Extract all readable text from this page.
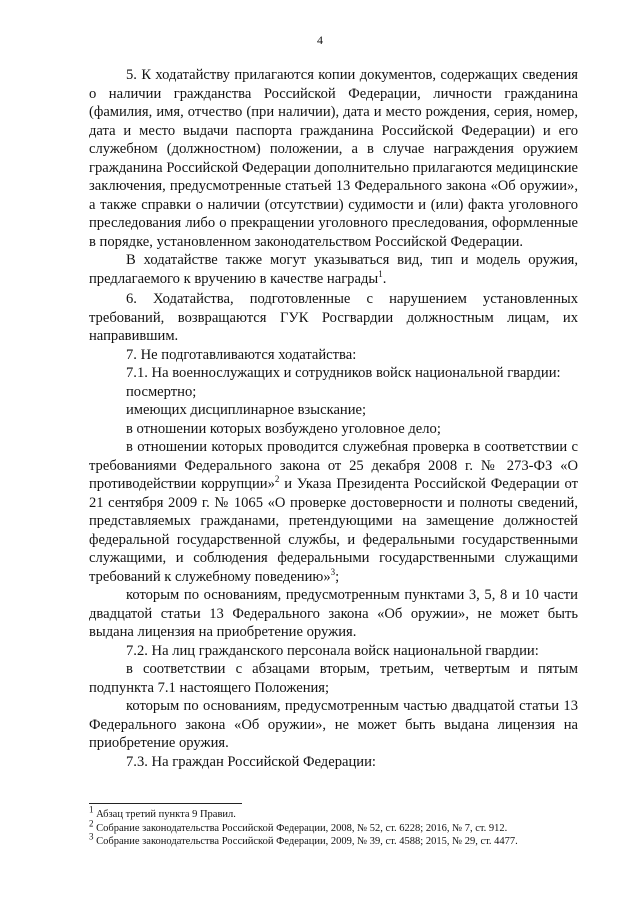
4

5. К ходатайству прилагаются копии документов, содержащих сведения о наличии гражданства Российской Федерации, личности гражданина (фамилия, имя, отчество (при наличии), дата и место рождения, серия, номер, дата и место выдачи паспорта гражданина Российской Федерации) и его служебном (должностном) положении, а в случае награждения оружием гражданина Российской Федерации дополнительно прилагаются медицинские заключения, предусмотренные статьей 13 Федерального закона «Об оружии», а также справки о наличии (отсутствии) судимости и (или) факта уголовного преследования либо о прекращении уголовного преследования, оформленные в порядке, установленном законодательством Российской Федерации.

В ходатайстве также могут указываться вид, тип и модель оружия, предлагаемого к вручению в качестве награды$^1$.

6. Ходатайства, подготовленные с нарушением установленных требований, возвращаются ГУК Росгвардии должностным лицам, их направившим.

7. Не подготавливаются ходатайства:

7.1. На военнослужащих и сотрудников войск национальной гвардии:

посмертно;

имеющих дисциплинарное взыскание;

в отношении которых возбуждено уголовное дело;

в отношении которых проводится служебная проверка в соответствии с требованиями Федерального закона от 25 декабря 2008 г. № 273-ФЗ «О противодействии коррупции»$^2$ и Указа Президента Российской Федерации от 21 сентября 2009 г. № 1065 «О проверке достоверности и полноты сведений, представляемых гражданами, претендующими на замещение должностей федеральной государственной службы, и федеральными государственными служащими, и соблюдения федеральными государственными служащими требований к служебному поведению»$^3$;

которым по основаниям, предусмотренным пунктами 3, 5, 8 и 10 части двадцатой статьи 13 Федерального закона «Об оружии», не может быть выдана лицензия на приобретение оружия.

7.2. На лиц гражданского персонала войск национальной гвардии:

в соответствии с абзацами вторым, третьим, четвертым и пятым подпункта 7.1 настоящего Положения;

которым по основаниям, предусмотренным частью двадцатой статьи 13 Федерального закона «Об оружии», не может быть выдана лицензия на приобретение оружия.

7.3. На граждан Российской Федерации:

$^1$ Абзац третий пункта 9 Правил.
$^2$ Собрание законодательства Российской Федерации, 2008, № 52, ст. 6228; 2016, № 7, ст. 912.
$^3$ Собрание законодательства Российской Федерации, 2009, № 39, ст. 4588; 2015, № 29, ст. 4477.
